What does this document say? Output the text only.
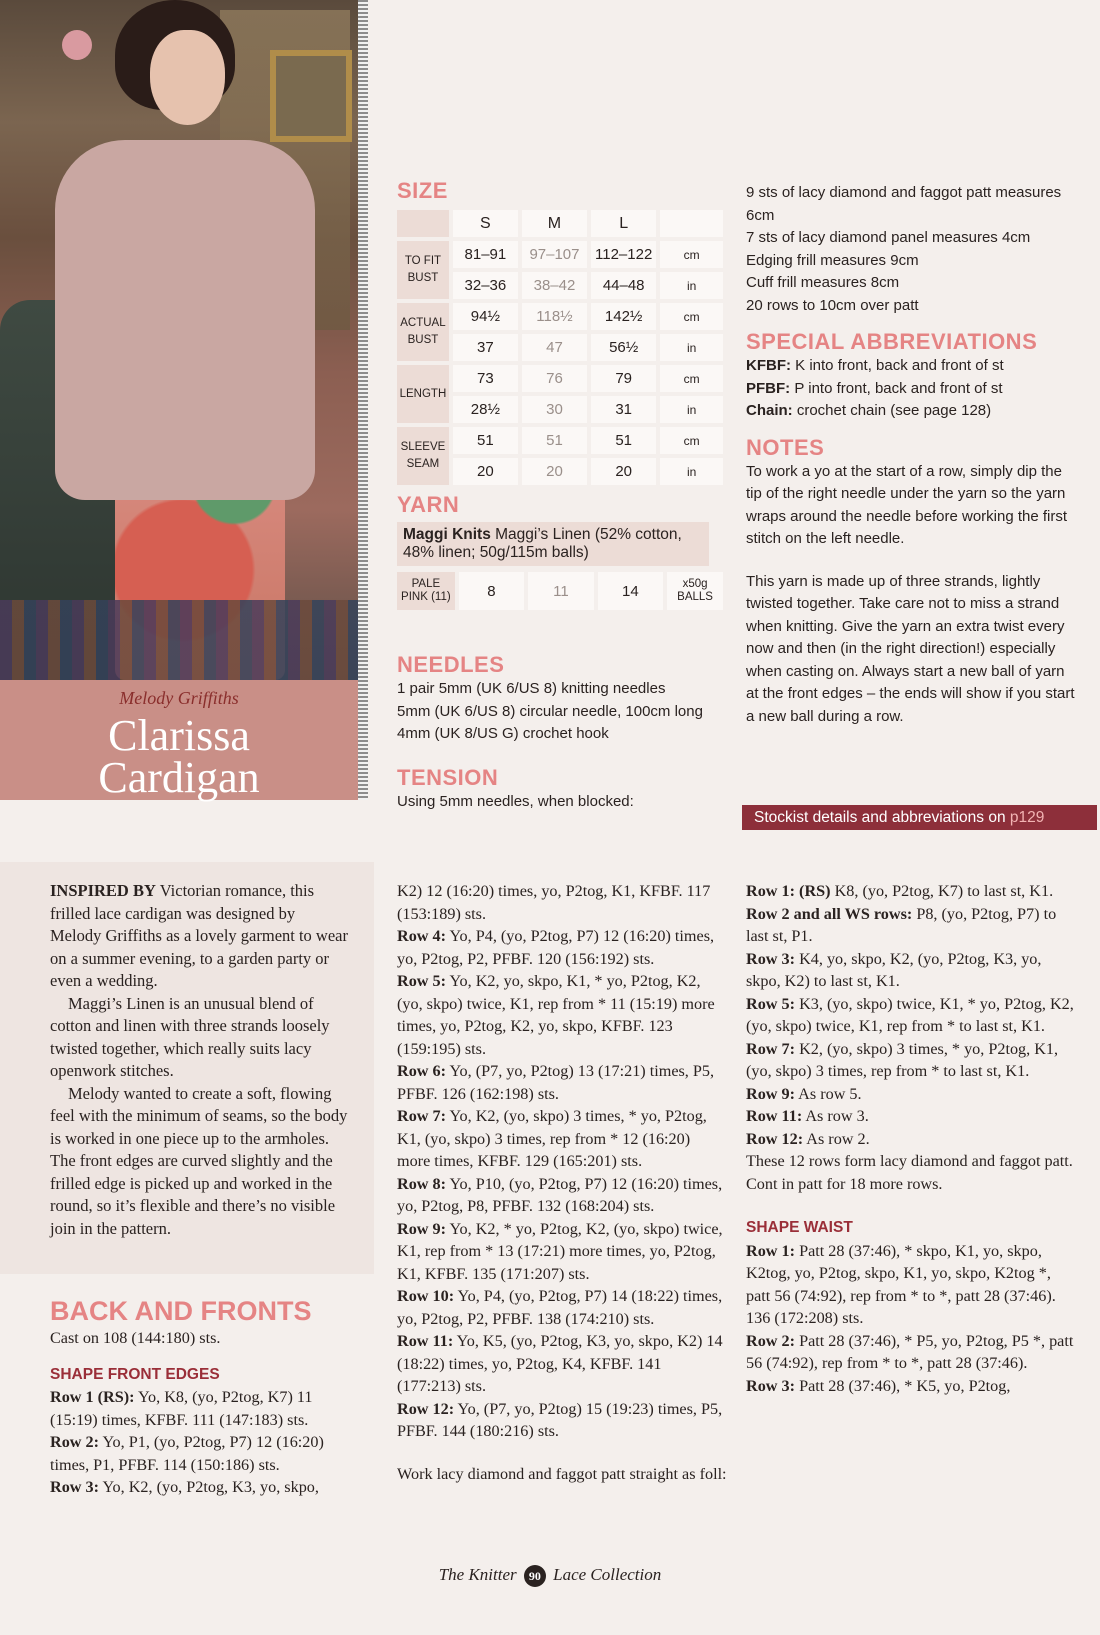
Melody Griffiths
Clarissa
Cardigan
SIZE
	S	M	L	
TO FIT BUST	81–91	97–107	112–122	cm
	32–36	38–42	44–48	in
ACTUAL BUST	94½	118½	142½	cm
	37	47	56½	in
LENGTH	73	76	79	cm
	28½	30	31	in
SLEEVE SEAM	51	51	51	cm
	20	20	20	in
YARN
Maggi Knits Maggi’s Linen (52% cotton, 48% linen; 50g/115m balls)
PALE PINK (11)	8	11	14	x50g BALLS
NEEDLES
1 pair 5mm (UK 6/US 8) knitting needles
5mm (UK 6/US 8) circular needle, 100cm long
4mm (UK 8/US G) crochet hook
TENSION
Using 5mm needles, when blocked:
9 sts of lacy diamond and faggot patt measures 6cm
7 sts of lacy diamond panel measures 4cm
Edging frill measures 9cm
Cuff frill measures 8cm
20 rows to 10cm over patt
SPECIAL ABBREVIATIONS
KFBF: K into front, back and front of st
PFBF: P into front, back and front of st
Chain: crochet chain (see page 128)
NOTES
To work a yo at the start of a row, simply dip the tip of the right needle under the yarn so the yarn wraps around the needle before working the first stitch on the left needle.
This yarn is made up of three strands, lightly twisted together. Take care not to miss a strand when knitting. Give the yarn an extra twist every now and then (in the right direction!) especially when casting on. Always start a new ball of yarn at the front edges – the ends will show if you start a new ball during a row.
Stockist details and abbreviations on p129

INSPIRED BY Victorian romance, this frilled lace cardigan was designed by Melody Griffiths as a lovely garment to wear on a summer evening, to a garden party or even a wedding.

Maggi’s Linen is an unusual blend of cotton and linen with three strands loosely twisted together, which really suits lacy openwork stitches.

Melody wanted to create a soft, flowing feel with the minimum of seams, so the body is worked in one piece up to the armholes. The front edges are curved slightly and the frilled edge is picked up and worked in the round, so it’s flexible and there’s no visible join in the pattern.

BACK AND FRONTS

Cast on 108 (144:180) sts.

SHAPE FRONT EDGES

Row 1 (RS): Yo, K8, (yo, P2tog, K7) 11 (15:19) times, KFBF. 111 (147:183) sts.

Row 2: Yo, P1, (yo, P2tog, P7) 12 (16:20) times, P1, PFBF. 114 (150:186) sts.

Row 3: Yo, K2, (yo, P2tog, K3, yo, skpo,

K2) 12 (16:20) times, yo, P2tog, K1, KFBF. 117 (153:189) sts.

Row 4: Yo, P4, (yo, P2tog, P7) 12 (16:20) times, yo, P2tog, P2, PFBF. 120 (156:192) sts.

Row 5: Yo, K2, yo, skpo, K1, * yo, P2tog, K2, (yo, skpo) twice, K1, rep from * 11 (15:19) more times, yo, P2tog, K2, yo, skpo, KFBF. 123 (159:195) sts.

Row 6: Yo, (P7, yo, P2tog) 13 (17:21) times, P5, PFBF. 126 (162:198) sts.

Row 7: Yo, K2, (yo, skpo) 3 times, * yo, P2tog, K1, (yo, skpo) 3 times, rep from * 12 (16:20) more times, KFBF. 129 (165:201) sts.

Row 8: Yo, P10, (yo, P2tog, P7) 12 (16:20) times, yo, P2tog, P8, PFBF. 132 (168:204) sts.

Row 9: Yo, K2, * yo, P2tog, K2, (yo, skpo) twice, K1, rep from * 13 (17:21) more times, yo, P2tog, K1, KFBF. 135 (171:207) sts.

Row 10: Yo, P4, (yo, P2tog, P7) 14 (18:22) times, yo, P2tog, P2, PFBF. 138 (174:210) sts.

Row 11: Yo, K5, (yo, P2tog, K3, yo, skpo, K2) 14 (18:22) times, yo, P2tog, K4, KFBF. 141 (177:213) sts.

Row 12: Yo, (P7, yo, P2tog) 15 (19:23) times, P5, PFBF. 144 (180:216) sts.

Work lacy diamond and faggot patt straight as foll:

Row 1: (RS) K8, (yo, P2tog, K7) to last st, K1.

Row 2 and all WS rows: P8, (yo, P2tog, P7) to last st, P1.

Row 3: K4, yo, skpo, K2, (yo, P2tog, K3, yo, skpo, K2) to last st, K1.

Row 5: K3, (yo, skpo) twice, K1, * yo, P2tog, K2, (yo, skpo) twice, K1, rep from * to last st, K1.

Row 7: K2, (yo, skpo) 3 times, * yo, P2tog, K1, (yo, skpo) 3 times, rep from * to last st, K1.

Row 9: As row 5.

Row 11: As row 3.

Row 12: As row 2.

These 12 rows form lacy diamond and faggot patt.

Cont in patt for 18 more rows.

SHAPE WAIST

Row 1: Patt 28 (37:46), * skpo, K1, yo, skpo, K2tog, yo, P2tog, skpo, K1, yo, skpo, K2tog *, patt 56 (74:92), rep from * to *, patt 28 (37:46). 136 (172:208) sts.

Row 2: Patt 28 (37:46), * P5, yo, P2tog, P5 *, patt 56 (74:92), rep from * to *, patt 28 (37:46).

Row 3: Patt 28 (37:46), * K5, yo, P2tog,

The Knitter 90 Lace Collection
